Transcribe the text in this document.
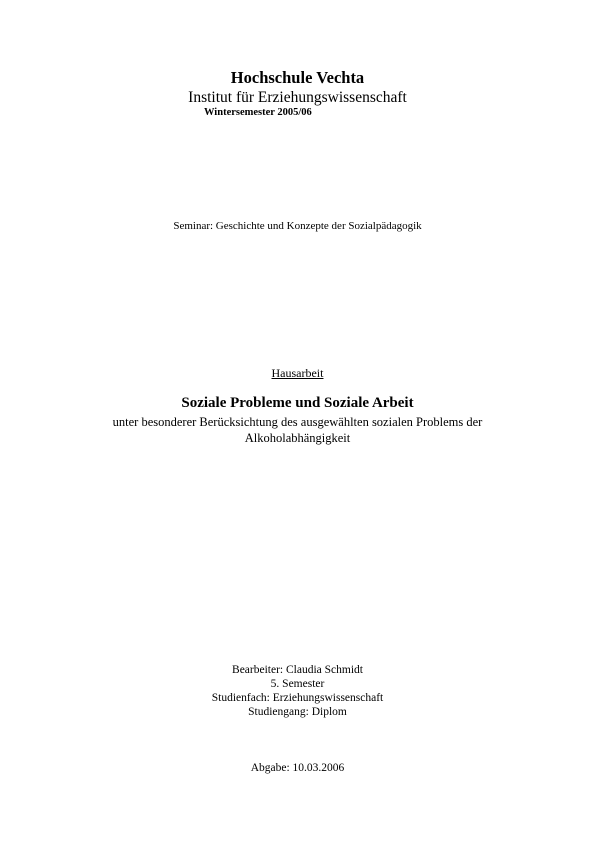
Hochschule Vechta
Institut für Erziehungswissenschaft
Wintersemester 2005/06
Seminar: Geschichte und Konzepte der Sozialpädagogik
Hausarbeit
Soziale Probleme und Soziale Arbeit
unter besonderer Berücksichtung des ausgewählten sozialen Problems der
Alkoholabhängigkeit
Bearbeiter: Claudia Schmidt
5. Semester
Studienfach: Erziehungswissenschaft
Studiengang: Diplom
Abgabe: 10.03.2006
